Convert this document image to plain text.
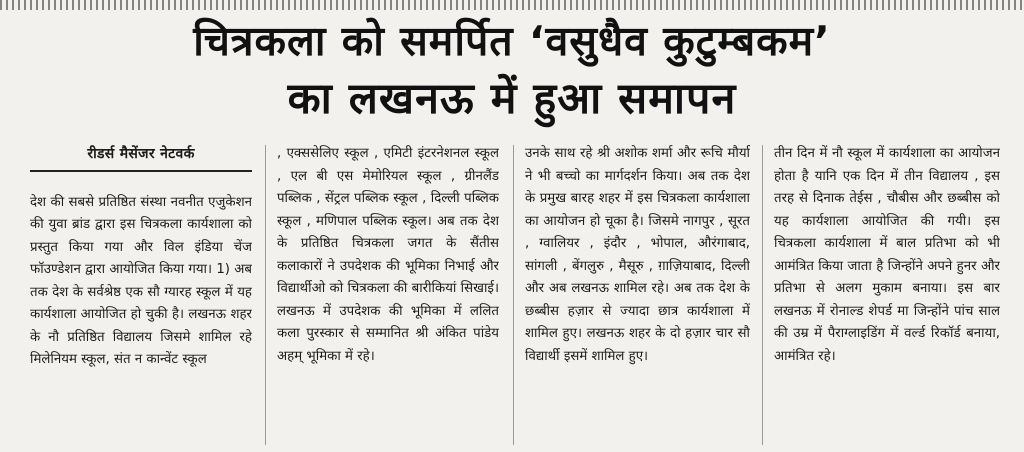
चित्रकला को समर्पित ‘वसुधैव कुटुम्बकम’
का लखनऊ में हुआ समापन
रीडर्स मैसेंजर नेटवर्क

देश की सबसे प्रतिष्ठित संस्था नवनीत एजुकेशन की युवा ब्रांड द्वारा इस चित्रकला कार्यशाला को प्रस्तुत किया गया और विल इंडिया चेंज फॉउण्डेशन द्वारा आयोजित किया गया। 1) अब तक देश के सर्वश्रेष्ठ एक सौ ग्यारह स्कूल में यह कार्यशाला आयोजित हो चुकी है। लखनऊ शहर के नौ प्रतिष्ठित विद्यालय जिसमे शामिल रहे मिलेनियम स्कूल, संत न कान्वेंट स्कूल

, एक्ससेलिए स्कूल , एमिटी इंटरनेशनल स्कूल , एल बी एस मेमोरियल स्कूल , ग्रीनलैंड पब्लिक , सेंट्रल पब्लिक स्कूल , दिल्ली पब्लिक स्कूल , मणिपाल पब्लिक स्कूल। अब तक देश के प्रतिष्ठित चित्रकला जगत के सैंतीस कलाकारों ने उपदेशक की भूमिका निभाई और विद्यार्थीओ को चित्रकला की बारीकियां सिखाई। लखनऊ में उपदेशक की भूमिका में ललित कला पुरस्कार से सम्मानित श्री अंकित पांडेय अहम् भूमिका में रहे।

उनके साथ रहे श्री अशोक शर्मा और रूचि मौर्या ने भी बच्चो का मार्गदर्शन किया। अब तक देश के प्रमुख बारह शहर में इस चित्रकला कार्यशाला का आयोजन हो चूका है। जिसमे नागपुर , सूरत , ग्वालियर , इंदौर , भोपाल, औरंगाबाद, सांगली , बेंगलुरु , मैसूरु , ग़ाज़ियाबाद, दिल्ली और अब लखनऊ शामिल रहे। अब तक देश के छब्बीस हज़ार से ज्यादा छात्र कार्यशाला में शामिल हुए। लखनऊ शहर के दो हज़ार चार सौ विद्यार्थी इसमें शामिल हुए।

तीन दिन में नौ स्कूल में कार्यशाला का आयोजन होता है यानि एक दिन में तीन विद्यालय , इस तरह से दिनाक तेईस , चौबीस और छब्बीस को यह कार्यशाला आयोजित की गयी। इस चित्रकला कार्यशाला में बाल प्रतिभा को भी आमंत्रित किया जाता है जिन्होंने अपने हुनर और प्रतिभा से अलग मुकाम बनाया। इस बार लखनऊ में रोनाल्ड शेपर्ड मा जिन्होंने पांच साल की उम्र में पैराग्लाइडिंग में वर्ल्ड रिकॉर्ड बनाया, आमंत्रित रहे।
